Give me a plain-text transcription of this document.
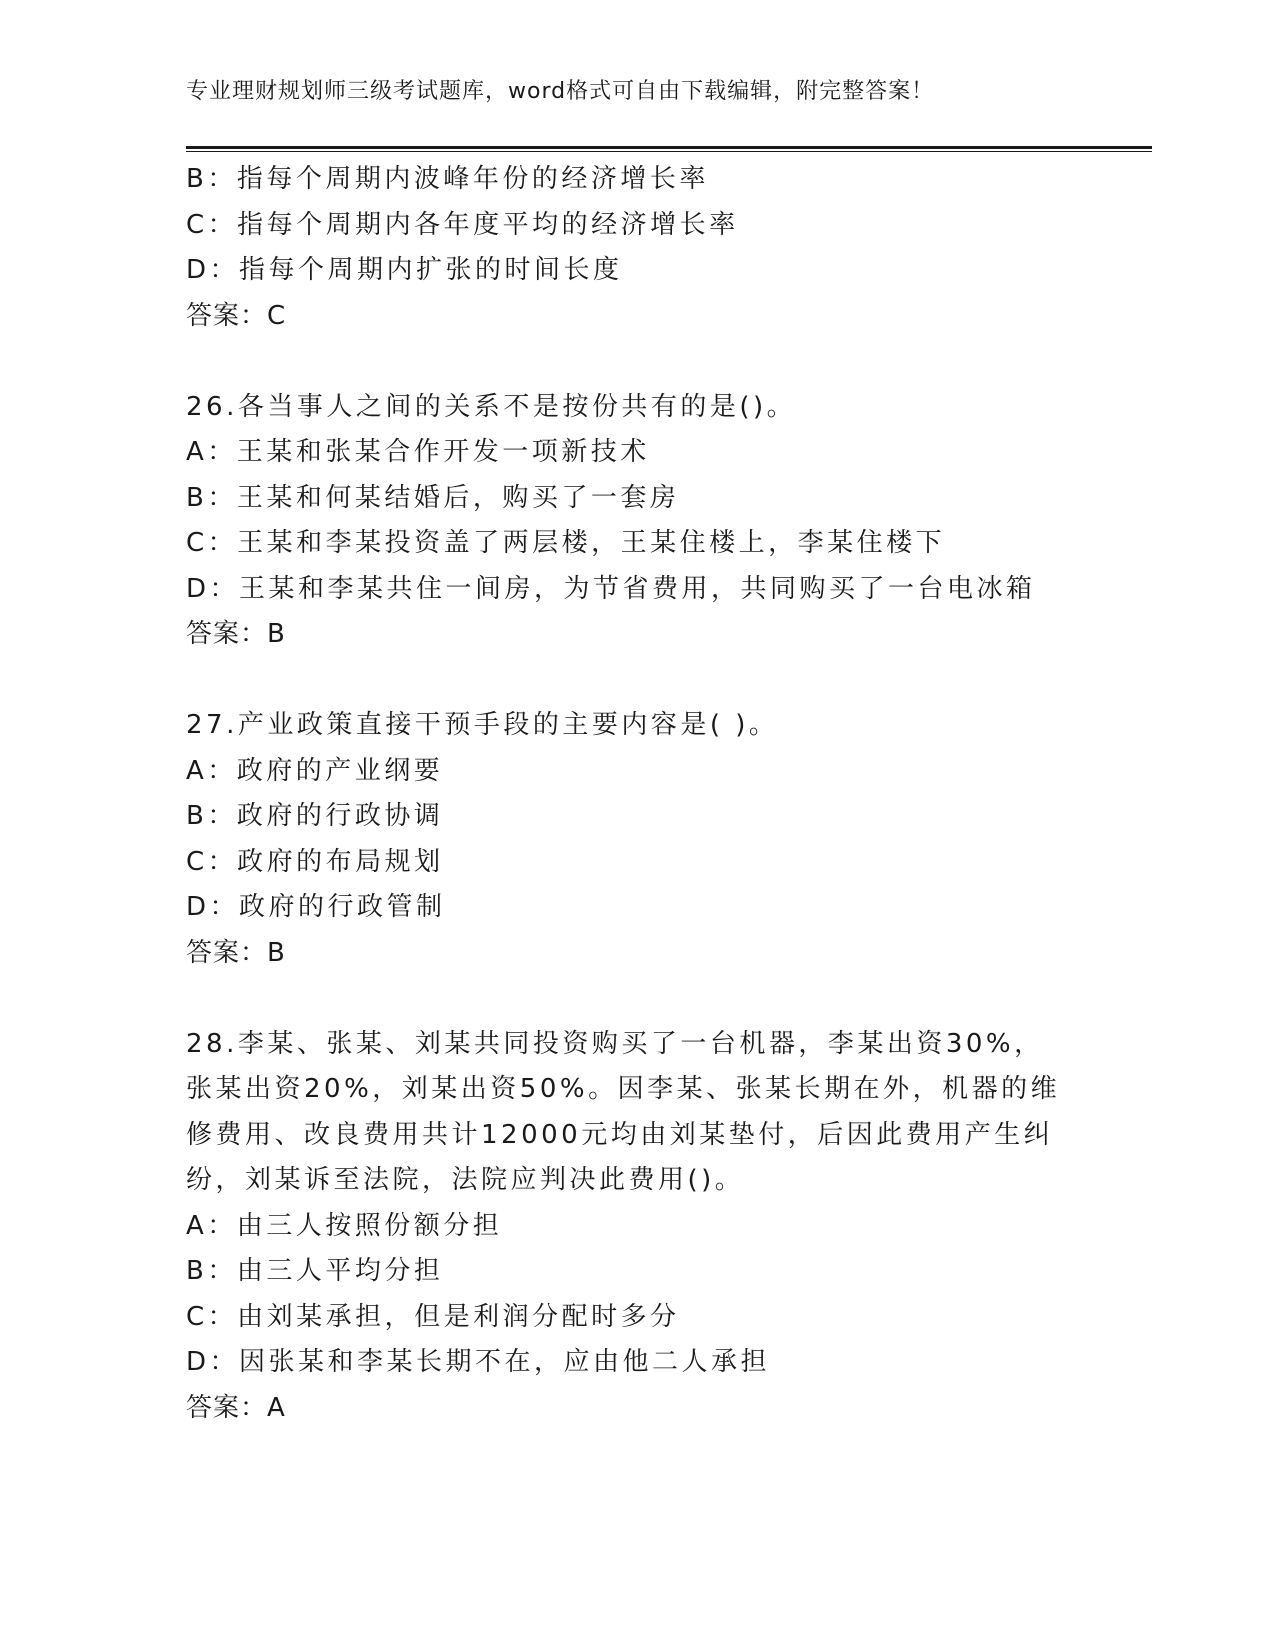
专业理财规划师三级考试题库，word格式可自由下载编辑，附完整答案！
B：指每个周期内波峰年份的经济增长率
C：指每个周期内各年度平均的经济增长率
D：指每个周期内扩张的时间长度
答案：C
26.各当事人之间的关系不是按份共有的是()。
A：王某和张某合作开发一项新技术
B：王某和何某结婚后，购买了一套房
C：王某和李某投资盖了两层楼，王某住楼上，李某住楼下
D：王某和李某共住一间房，为节省费用，共同购买了一台电冰箱
答案：B
27.产业政策直接干预手段的主要内容是( )。
A：政府的产业纲要
B：政府的行政协调
C：政府的布局规划
D：政府的行政管制
答案：B
28.李某、张某、刘某共同投资购买了一台机器，李某出资30%，张某出资20%，刘某出资50%。因李某、张某长期在外，机器的维修费用、改良费用共计12000元均由刘某垫付，后因此费用产生纠纷，刘某诉至法院，法院应判决此费用()。
A：由三人按照份额分担
B：由三人平均分担
C：由刘某承担，但是利润分配时多分
D：因张某和李某长期不在，应由他二人承担
答案：A
